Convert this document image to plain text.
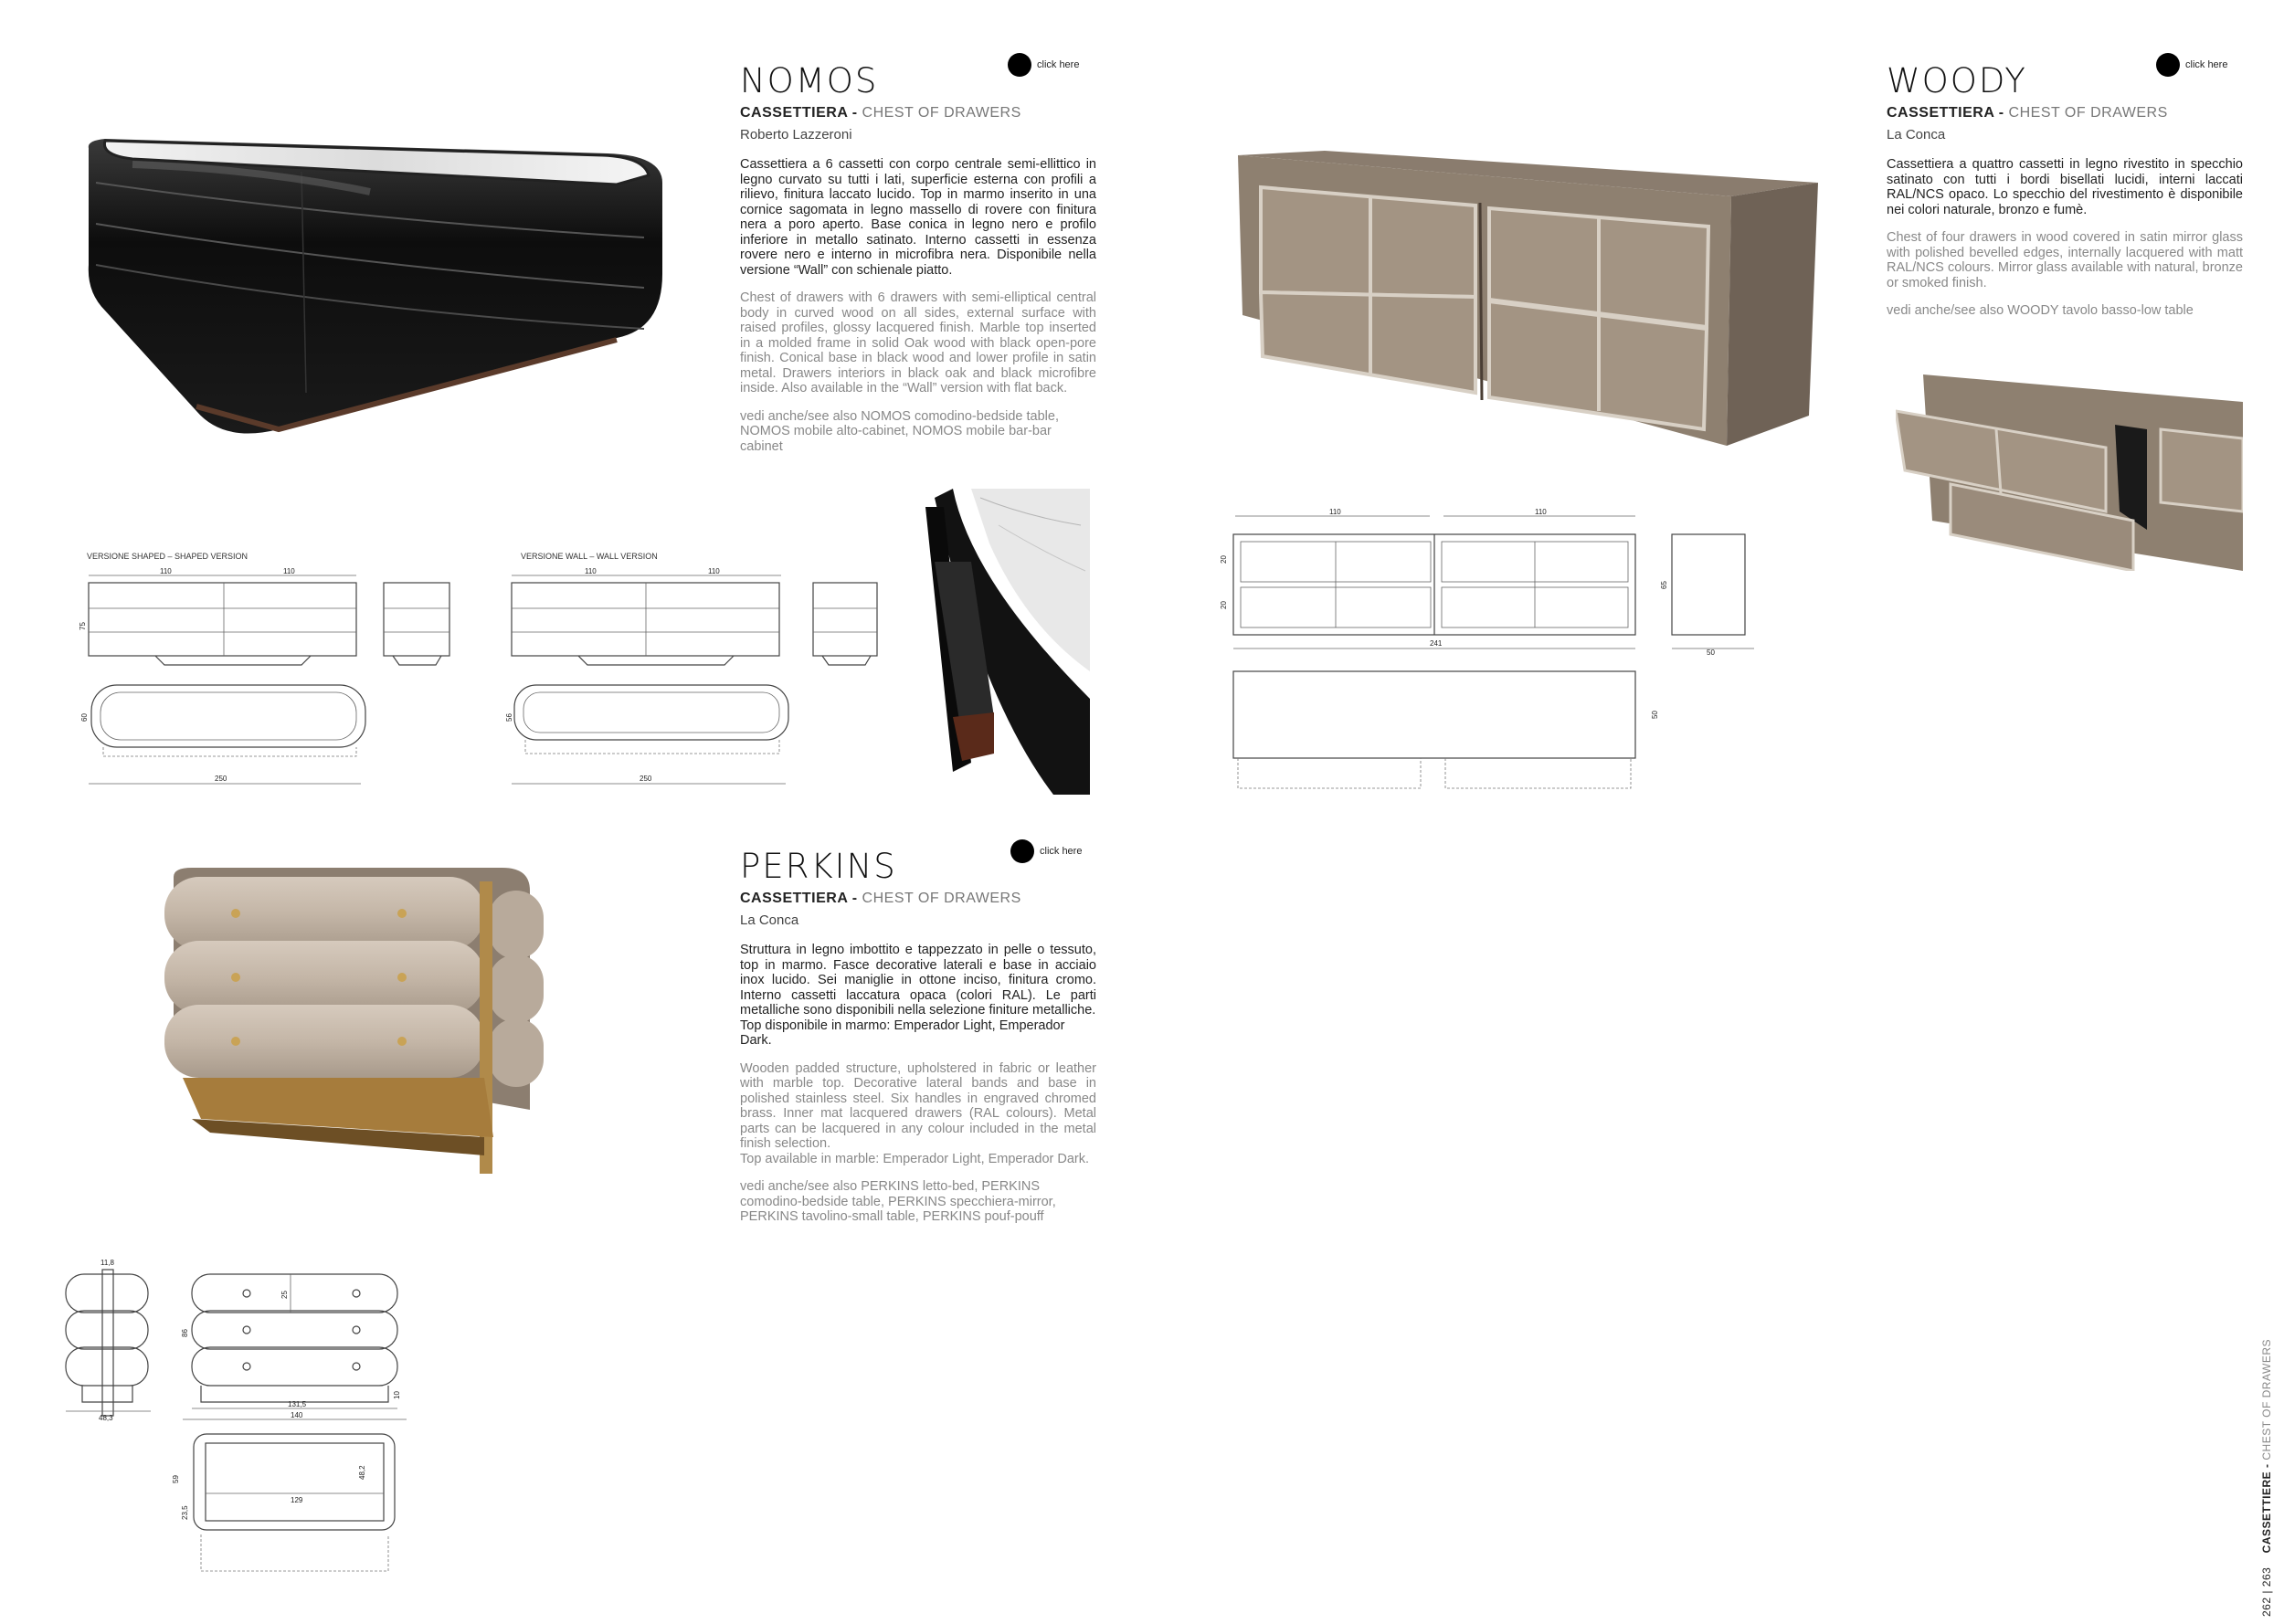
NOMOS
CASSETTIERA - CHEST OF DRAWERS
Roberto Lazzeroni

Cassettiera a 6 cassetti con corpo centrale semi-ellittico in legno curvato su tutti i lati, superficie esterna con profili a rilievo, finitura laccato lucido. Top in marmo inserito in una cornice sagomata in legno massello di rovere con finitura nera a poro aperto. Base conica in legno nero e profilo inferiore in metallo satinato. Interno cassetti in essenza rovere nero e interno in microfibra nera. Disponibile nella versione “Wall” con schienale piatto.

Chest of drawers with 6 drawers with semi-elliptical central body in curved wood on all sides, external surface with raised profiles, glossy lacquered finish. Marble top inserted in a molded frame in solid Oak wood with black open-pore finish. Conical base in black wood and lower profile in satin metal. Drawers interiors in black oak and black microfibre inside. Also available in the “Wall” version with flat back.

vedi anche/see also NOMOS comodino-bedside table, NOMOS mobile alto-cabinet, NOMOS mobile bar-bar cabinet

click here
VERSIONE SHAPED – SHAPED VERSION	VERSIONE WALL – WALL VERSION
110	110
75
250
60
110	110
250
56
WOODY
CASSETTIERA - CHEST OF DRAWERS
La Conca

Cassettiera a quattro cassetti in legno rivestito in specchio satinato con tutti i bordi bisellati lucidi, interni laccati RAL/NCS opaco. Lo specchio del rivestimento è disponibile nei colori naturale, bronzo e fumè.

Chest of four drawers in wood covered in satin mirror glass with polished bevelled edges, internally lacquered with matt RAL/NCS colours. Mirror glass available with natural, bronze or smoked finish.

vedi anche/see also WOODY tavolo basso-low table

click here
110	110
241
20
20
50
65
50
PERKINS
CASSETTIERA - CHEST OF DRAWERS
La Conca

Struttura in legno imbottito e tappezzato in pelle o tessuto, top in marmo. Fasce decorative laterali e base in acciaio inox lucido. Sei maniglie in ottone inciso, finitura cromo. Interno cassetti laccatura opaca (colori RAL). Le parti metalliche sono disponibili nella selezione finiture metalliche.

Top disponibile in marmo: Emperador Light, Emperador Dark.

Wooden padded structure, upholstered in fabric or leather with marble top. Decorative lateral bands and base in polished stainless steel. Six handles in engraved chromed brass. Inner mat lacquered drawers (RAL colours). Metal parts can be lacquered in any colour included in the metal finish selection.

Top available in marble: Emperador Light, Emperador Dark.

vedi anche/see also PERKINS letto-bed, PERKINS comodino-bedside table, PERKINS specchiera-mirror, PERKINS tavolino-small table, PERKINS pouf-pouff

click here
11,8
48,3
86
25
10
131,5
140
129
59
23,5
48,2
262 | 263    CASSETTIERE - CHEST OF DRAWERS
